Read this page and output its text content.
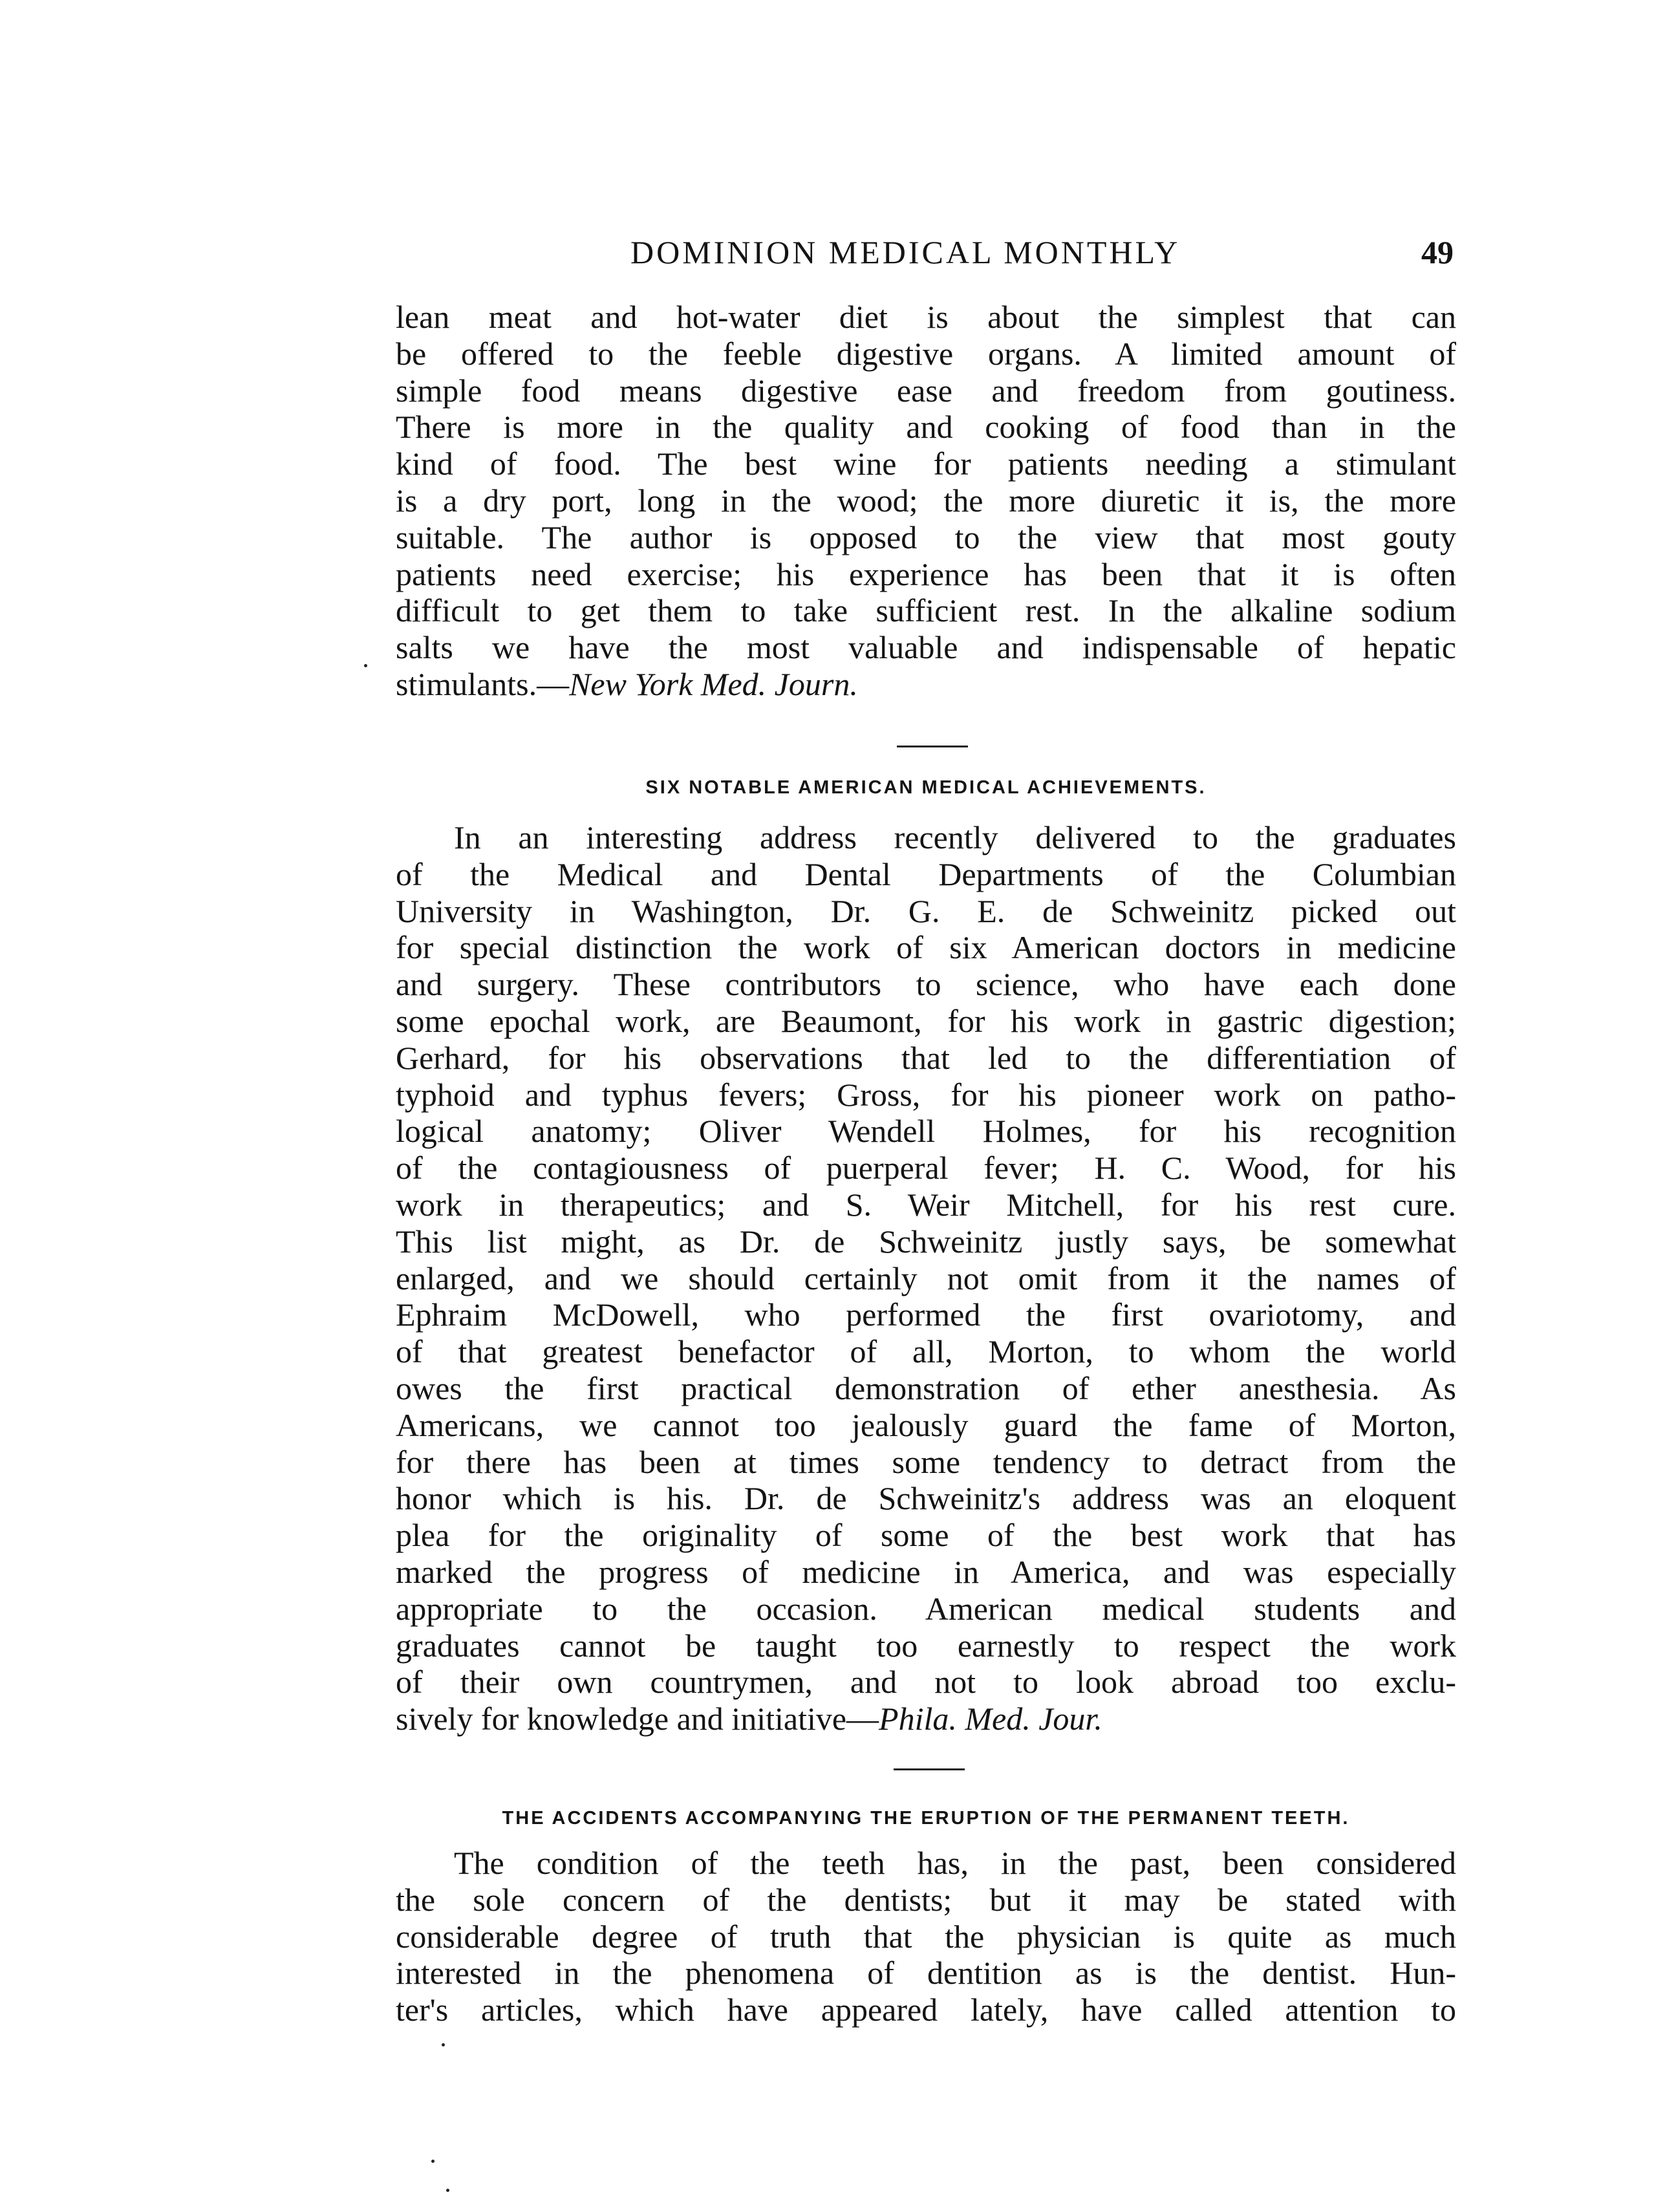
DOMINION MEDICAL MONTHLY	49
lean meat and hot-water diet is about the simplest that can
be offered to the feeble digestive organs. A limited amount of
simple food means digestive ease and freedom from goutiness.
There is more in the quality and cooking of food than in the
kind of food. The best wine for patients needing a stimulant
is a dry port, long in the wood; the more diuretic it is, the more
suitable. The author is opposed to the view that most gouty
patients need exercise; his experience has been that it is often
difficult to get them to take sufficient rest. In the alkaline sodium
salts we have the most valuable and indispensable of hepatic
stimulants.—New York Med. Journ.
SIX NOTABLE AMERICAN MEDICAL ACHIEVEMENTS.
In an interesting address recently delivered to the graduates
of the Medical and Dental Departments of the Columbian
University in Washington, Dr. G. E. de Schweinitz picked out
for special distinction the work of six American doctors in medicine
and surgery. These contributors to science, who have each done
some epochal work, are Beaumont, for his work in gastric digestion;
Gerhard, for his observations that led to the differentiation of
typhoid and typhus fevers; Gross, for his pioneer work on patho-
logical anatomy; Oliver Wendell Holmes, for his recognition
of the contagiousness of puerperal fever; H. C. Wood, for his
work in therapeutics; and S. Weir Mitchell, for his rest cure.
This list might, as Dr. de Schweinitz justly says, be somewhat
enlarged, and we should certainly not omit from it the names of
Ephraim McDowell, who performed the first ovariotomy, and
of that greatest benefactor of all, Morton, to whom the world
owes the first practical demonstration of ether anesthesia. As
Americans, we cannot too jealously guard the fame of Morton,
for there has been at times some tendency to detract from the
honor which is his. Dr. de Schweinitz's address was an eloquent
plea for the originality of some of the best work that has
marked the progress of medicine in America, and was especially
appropriate to the occasion. American medical students and
graduates cannot be taught too earnestly to respect the work
of their own countrymen, and not to look abroad too exclu-
sively for knowledge and initiative—Phila. Med. Jour.
THE ACCIDENTS ACCOMPANYING THE ERUPTION OF THE PERMANENT TEETH.
The condition of the teeth has, in the past, been considered
the sole concern of the dentists; but it may be stated with
considerable degree of truth that the physician is quite as much
interested in the phenomena of dentition as is the dentist. Hun-
ter's articles, which have appeared lately, have called attention to
